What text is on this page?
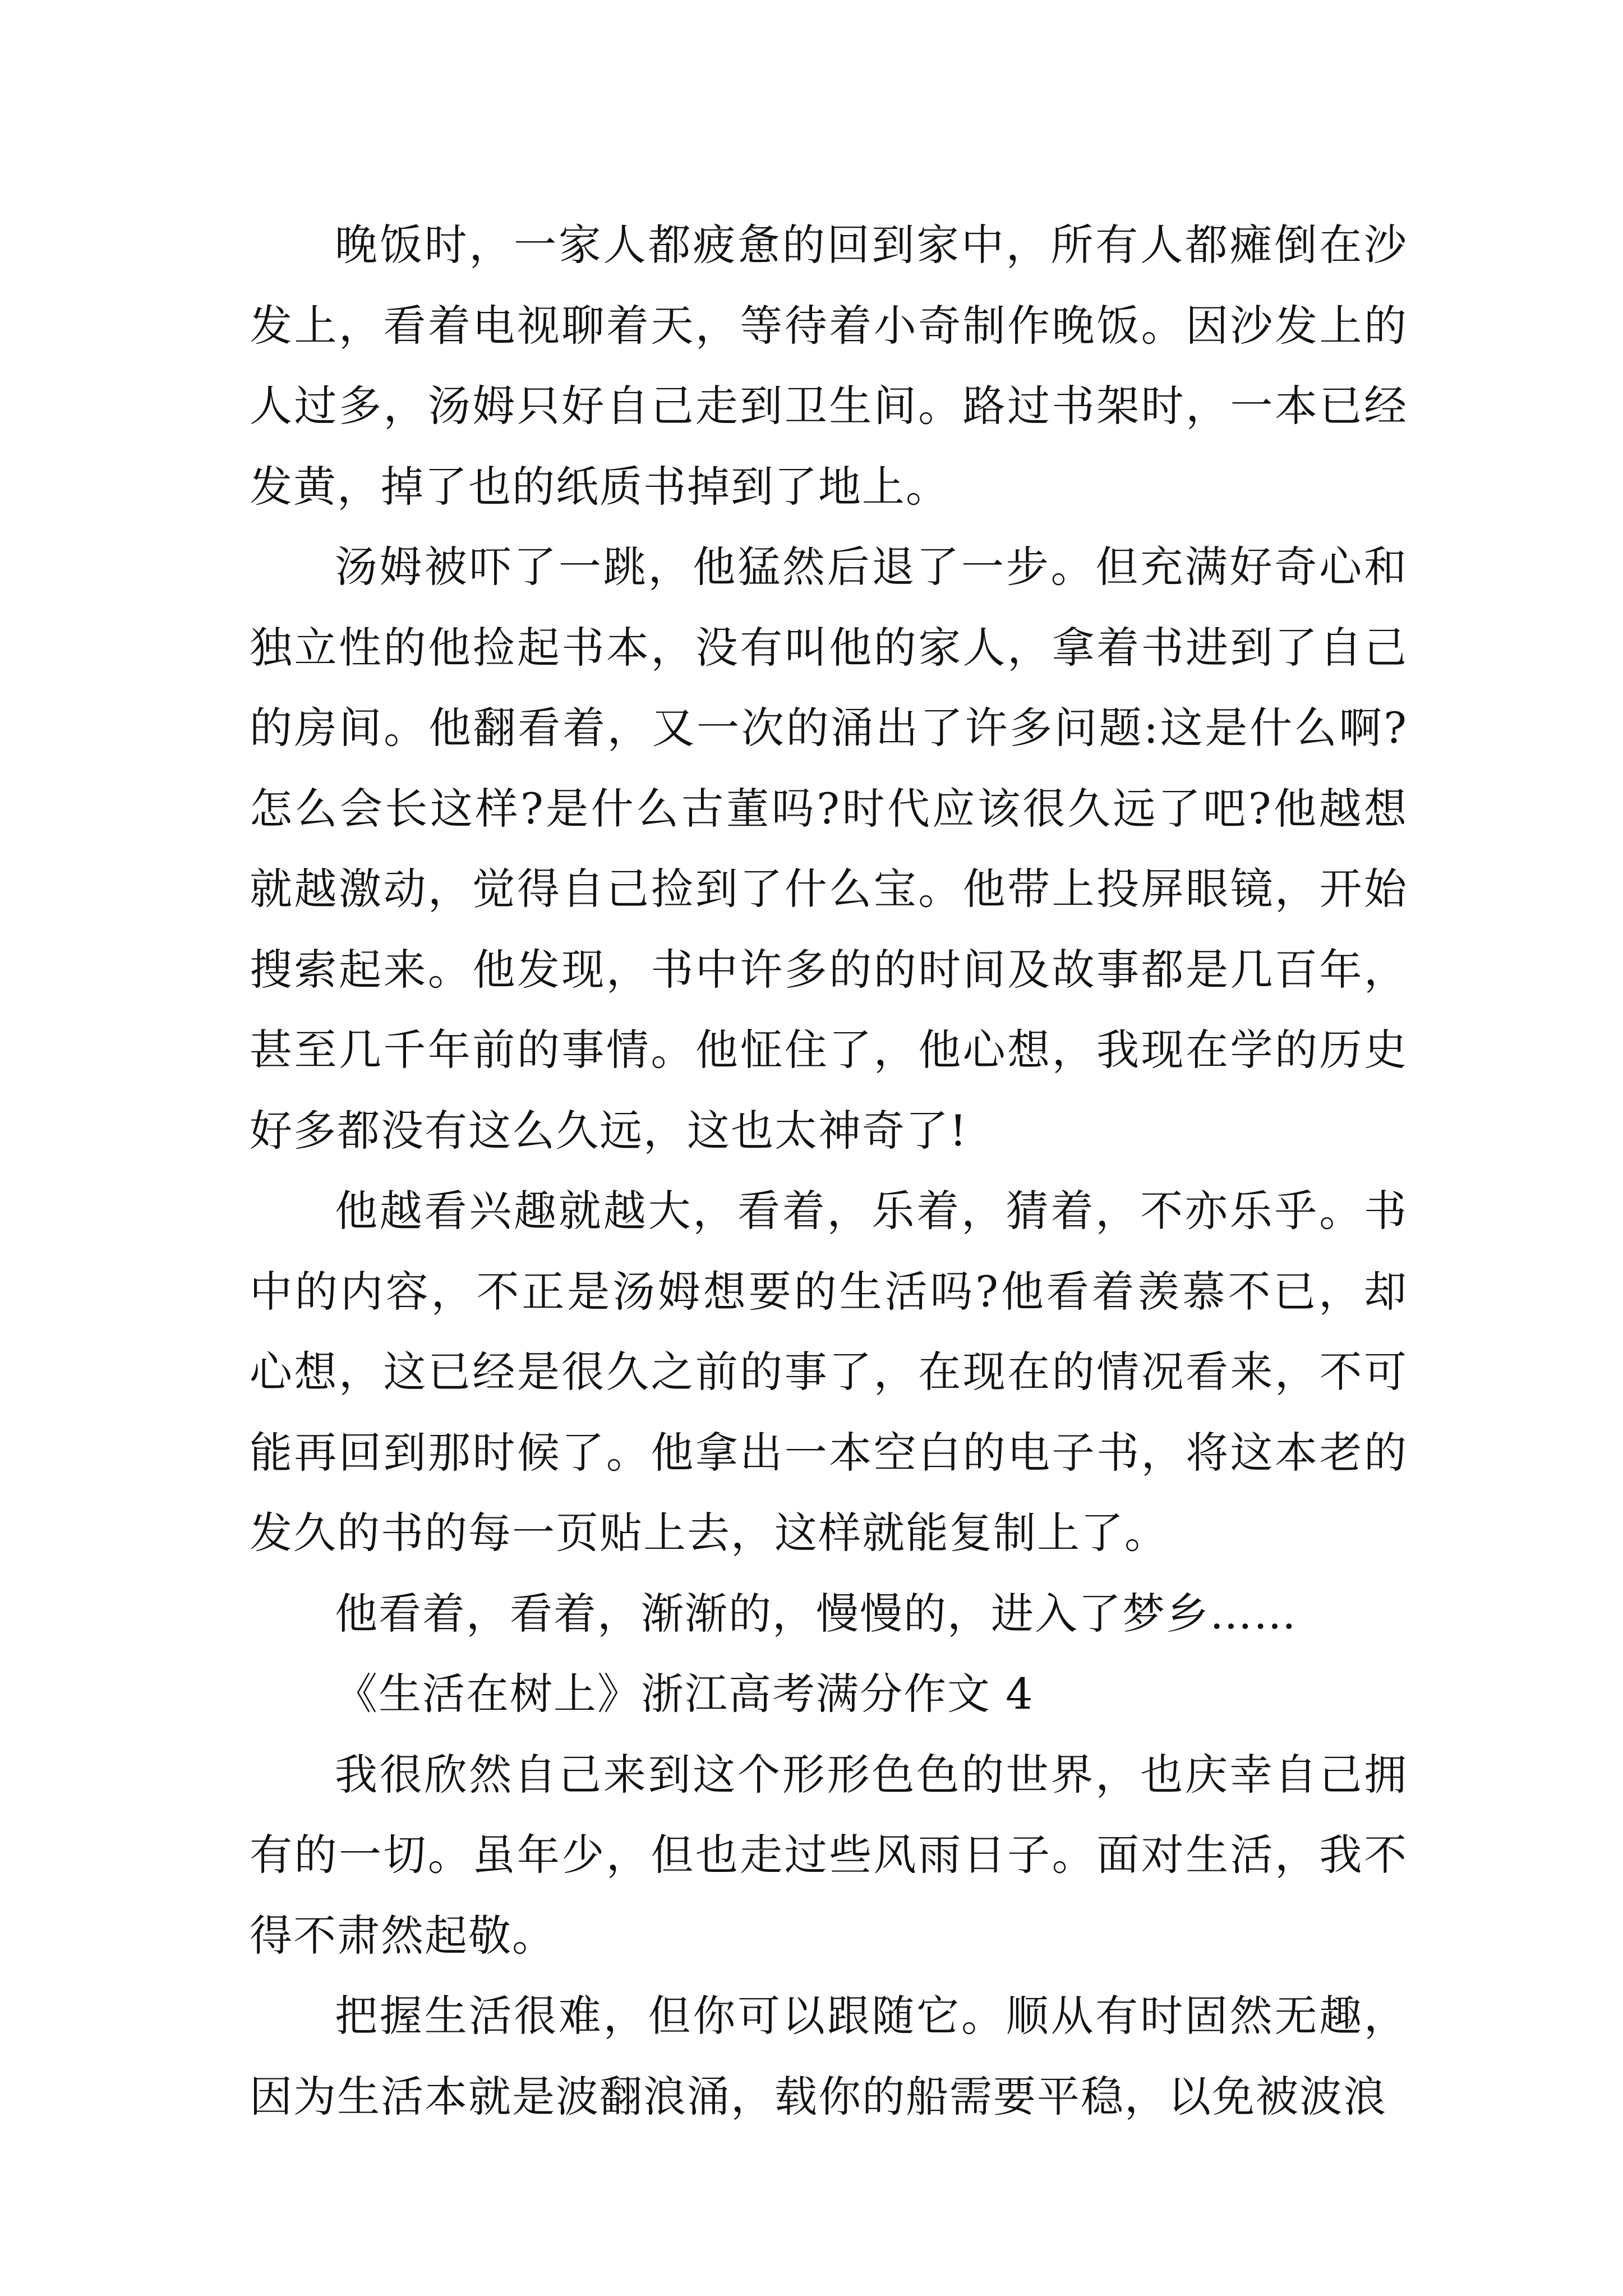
晚饭时，一家人都疲惫的回到家中，所有人都瘫倒在沙发上，看着电视聊着天，等待着小奇制作晚饭。因沙发上的人过多，汤姆只好自己走到卫生间。路过书架时，一本已经发黄，掉了也的纸质书掉到了地上。

汤姆被吓了一跳，他猛然后退了一步。但充满好奇心和独立性的他捡起书本，没有叫他的家人，拿着书进到了自己的房间。他翻看着，又一次的涌出了许多问题:这是什么啊?怎么会长这样?是什么古董吗?时代应该很久远了吧?他越想就越激动，觉得自己捡到了什么宝。他带上投屏眼镜，开始搜索起来。他发现，书中许多的的时间及故事都是几百年，甚至几千年前的事情。他怔住了，他心想，我现在学的历史好多都没有这么久远，这也太神奇了!

他越看兴趣就越大，看着，乐着，猜着，不亦乐乎。书中的内容，不正是汤姆想要的生活吗?他看着羡慕不已，却心想，这已经是很久之前的事了，在现在的情况看来，不可能再回到那时候了。他拿出一本空白的电子书，将这本老的发久的书的每一页贴上去，这样就能复制上了。

他看着，看着，渐渐的，慢慢的，进入了梦乡……

《生活在树上》浙江高考满分作文 4

我很欣然自己来到这个形形色色的世界，也庆幸自己拥有的一切。虽年少，但也走过些风雨日子。面对生活，我不得不肃然起敬。

把握生活很难，但你可以跟随它。顺从有时固然无趣，因为生活本就是波翻浪涌，载你的船需要平稳，以免被波浪
